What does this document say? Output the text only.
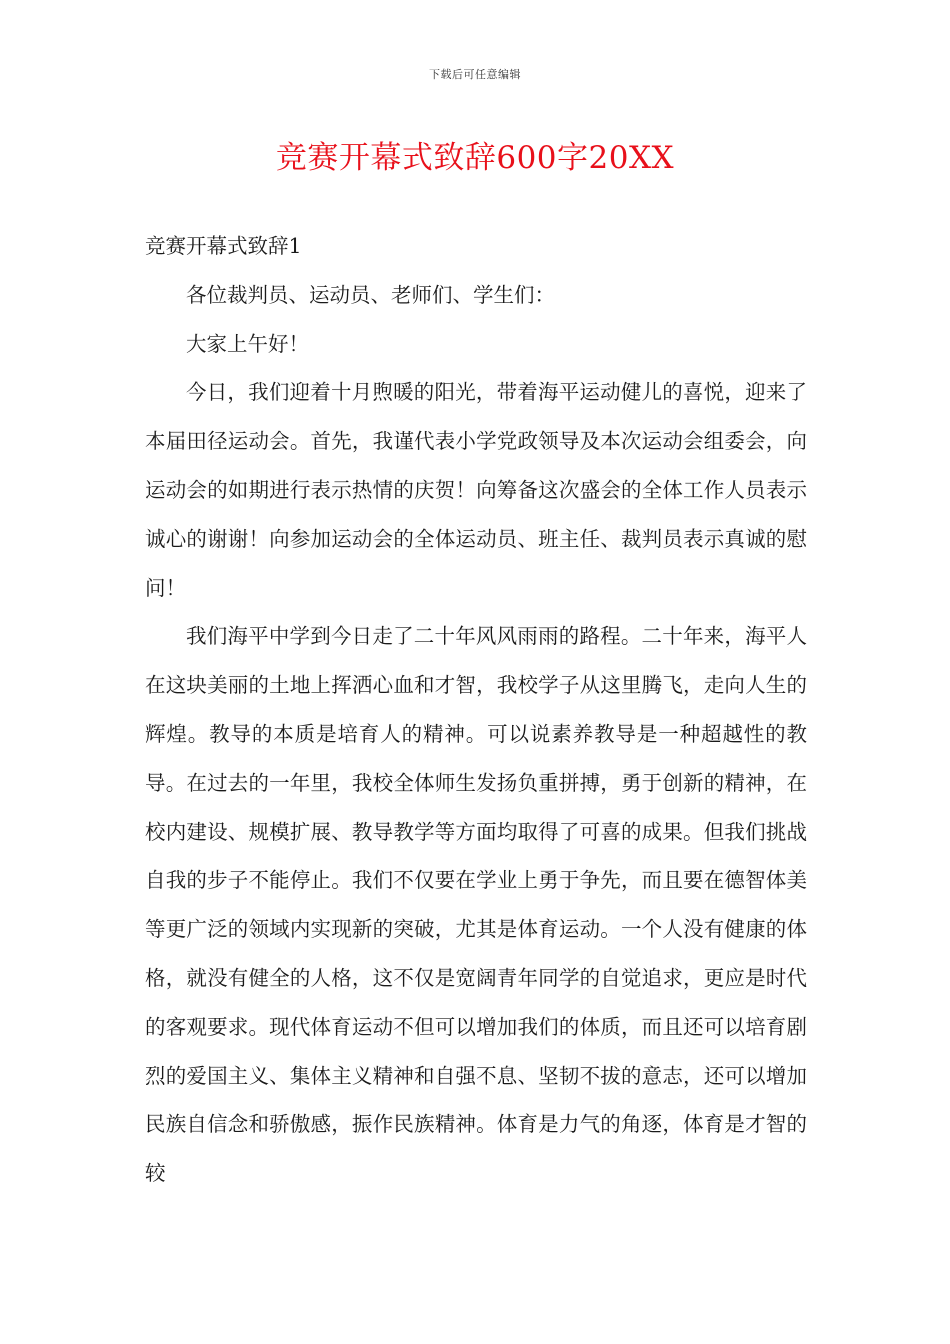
下载后可任意编辑
竞赛开幕式致辞600字20XX

竞赛开幕式致辞1

各位裁判员、运动员、老师们、学生们：

大家上午好！

今日，我们迎着十月煦暖的阳光，带着海平运动健儿的喜悦，迎来了本届田径运动会。首先，我谨代表小学党政领导及本次运动会组委会，向运动会的如期进行表示热情的庆贺！向筹备这次盛会的全体工作人员表示诚心的谢谢！向参加运动会的全体运动员、班主任、裁判员表示真诚的慰问！

我们海平中学到今日走了二十年风风雨雨的路程。二十年来，海平人在这块美丽的土地上挥洒心血和才智，我校学子从这里腾飞，走向人生的辉煌。教导的本质是培育人的精神。可以说素养教导是一种超越性的教导。在过去的一年里，我校全体师生发扬负重拼搏，勇于创新的精神，在校内建设、规模扩展、教导教学等方面均取得了可喜的成果。但我们挑战自我的步子不能停止。我们不仅要在学业上勇于争先，而且要在德智体美等更广泛的领域内实现新的突破，尤其是体育运动。一个人没有健康的体格，就没有健全的人格，这不仅是宽阔青年同学的自觉追求，更应是时代的客观要求。现代体育运动不但可以增加我们的体质，而且还可以培育剧烈的爱国主义、集体主义精神和自强不息、坚韧不拔的意志，还可以增加民族自信念和骄傲感，振作民族精神。体育是力气的角逐，体育是才智的较
